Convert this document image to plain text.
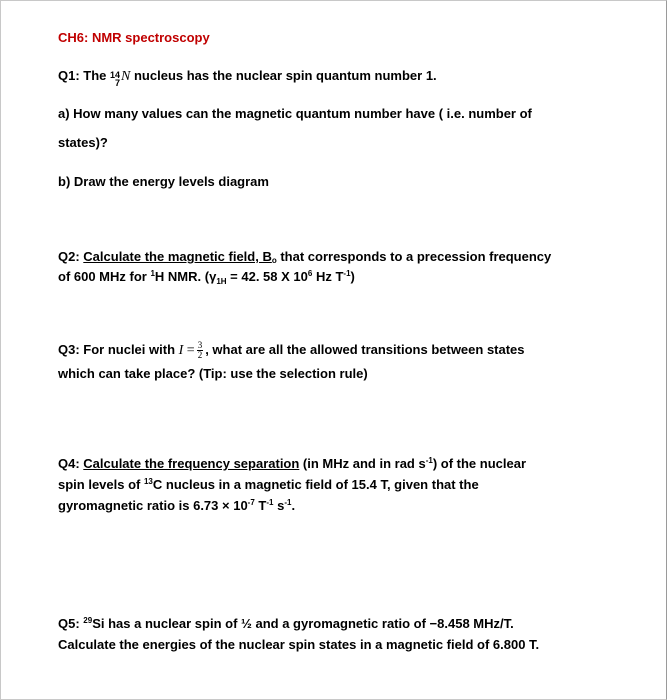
CH6: NMR spectroscopy
Q1: The 14
7 N nucleus has the nuclear spin quantum number 1.
a) How many values can the magnetic quantum number have ( i.e. number of
states)?
b) Draw the energy levels diagram
Q2: Calculate the magnetic field, $B_o$ that corresponds to a precession frequency
of 600 MHz for $^1$H NMR. ($\gamma_{1H} = 42$. 58 X $10^6$ Hz $T^{-1}$)
Q3: For nuclei with $I = \frac{3}{2}$ , what are all the allowed transitions between states
which can take place? (Tip: use the selection rule)
Q4: Calculate the frequency separation (in MHz and in rad $s^{-1}$) of the nuclear
spin levels of $^{13}$C nucleus in a magnetic field of 15.4 T, given that the
gyromagnetic ratio is $6.73 \times 10^{-7}$ $T^{-1}$ $s^{-1}$.
Q5: $^{29}$Si has a nuclear spin of ½ and a gyromagnetic ratio of −8.458 MHz/T.
Calculate the energies of the nuclear spin states in a magnetic field of 6.800 T.
